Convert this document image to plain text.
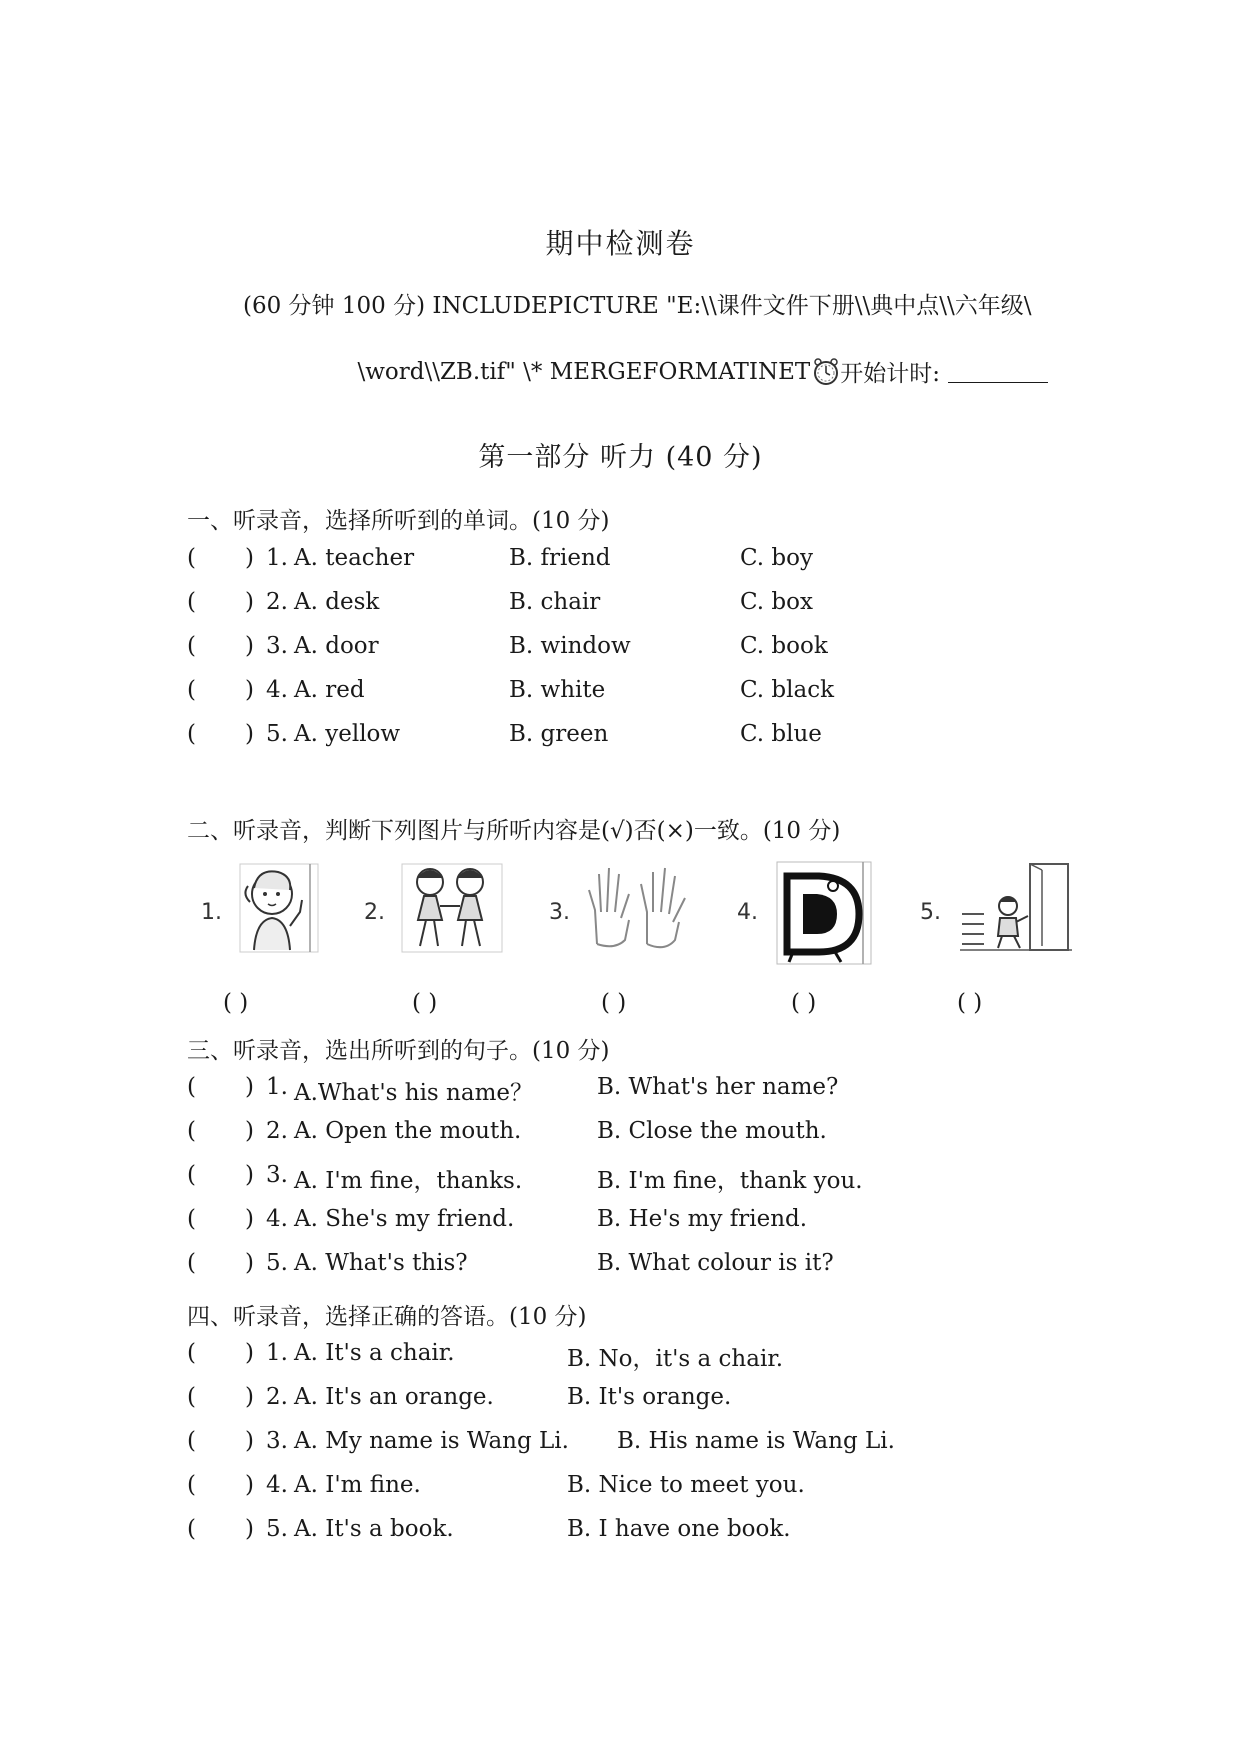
期中检测卷
(60 分钟 100 分) INCLUDEPICTURE "E:\\课件文件下册\\典中点\\六年级\
\word\\ZB.tif" \* MERGEFORMATINET 开始计时:
第一部分 听力 (40 分)
一、听录音，选择所听到的单词。(10 分)
( ) 1. A. teacher	B. friend	C. boy
( ) 2. A. desk	B. chair	C. box
( ) 3. A. door	B. window	C. book
( ) 4. A. red	B. white	C. black
( ) 5. A. yellow	B. green	C. blue
二、听录音，判断下列图片与所听内容是(√)否(×)一致。(10 分)
1.	2.	3.	4.	5.
( )	( )	( )	( )	( )
三、听录音，选出所听到的句子。(10 分)
( ) 1. A.What's his name？	B. What's her name?
( ) 2. A. Open the mouth.	B. Close the mouth.
( ) 3. A. I'm fine，thanks.	B. I'm fine，thank you.
( ) 4. A. She's my friend.	B. He's my friend.
( ) 5. A. What's this?	B. What colour is it?
四、听录音，选择正确的答语。(10 分)
( ) 1. A. It's a chair.	B. No，it's a chair.
( ) 2. A. It's an orange.	B. It's orange.
( ) 3. A. My name is Wang Li. B. His name is Wang Li.
( ) 4. A. I'm fine.	B. Nice to meet you.
( ) 5. A. It's a book.	B. I have one book.
